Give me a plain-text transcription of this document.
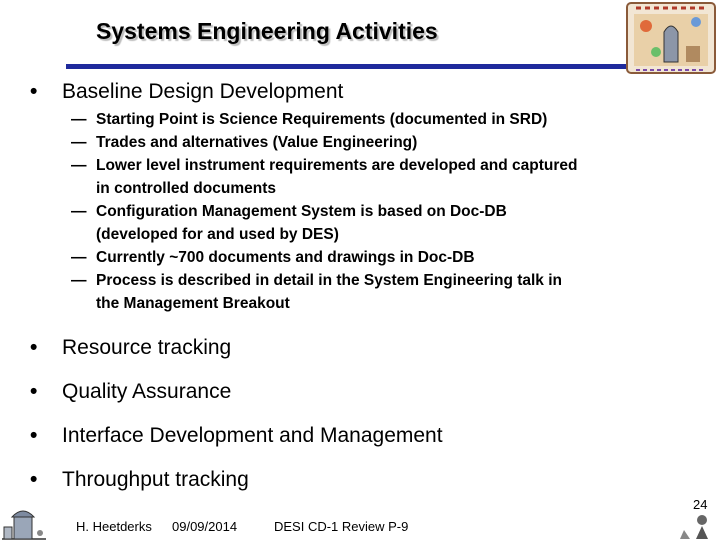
Systems Engineering Activities
• Baseline Design Development
— Starting Point is Science Requirements (documented in SRD)
— Trades and alternatives (Value Engineering)
— Lower level instrument requirements are developed and captured
in controlled documents
— Configuration Management System is based on Doc-DB
(developed for and used by DES)
— Currently ~700 documents and drawings in Doc-DB
— Process is described in detail in the System Engineering talk in
the Management Breakout
• Resource tracking
• Quality Assurance
• Interface Development and Management
• Throughput tracking
H. Heetderks 09/09/2014	DESI CD-1 Review P-9
24
